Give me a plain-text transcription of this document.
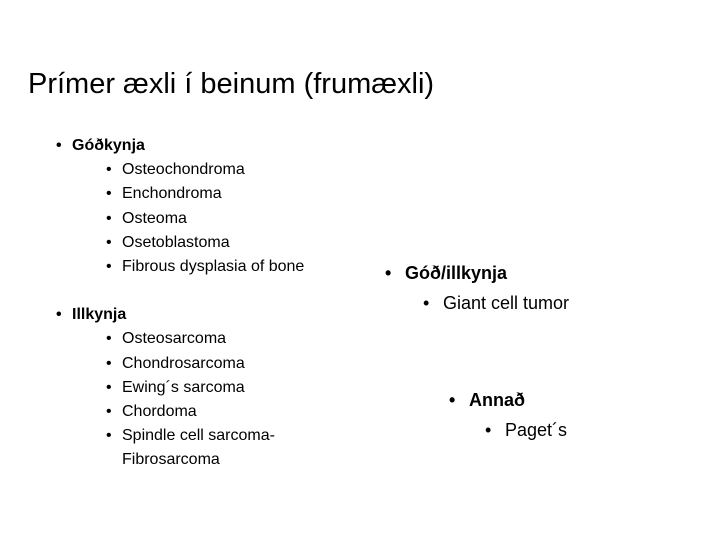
Prímer æxli í beinum (frumæxli)
• Góðkynja
• Osteochondroma
• Enchondroma
• Osteoma
• Osetoblastoma
• Fibrous dysplasia of bone
• Illkynja
• Osteosarcoma
• Chondrosarcoma
• Ewing´s sarcoma
• Chordoma
• Spindle cell sarcoma-
Fibrosarcoma
• Góð/illkynja
• Giant cell tumor
• Annað
• Paget´s
